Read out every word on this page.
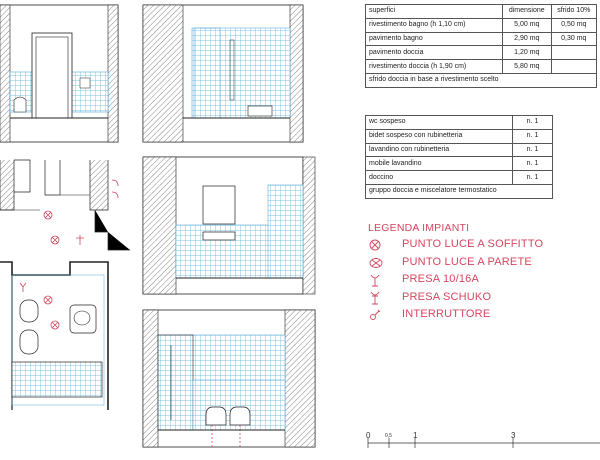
superfici	dimensione	sfrido 10%
rivestimento bagno (h 1,10 cm)	5,00 mq	0,50 mq
pavimento bagno	2,90 mq	0,30 mq
pavimento doccia	1,20 mq	
rivestimento doccia (h 1,90 cm)	5,80 mq	
sfrido doccia in base a rivestimento scelto		
wc sospeso	n. 1
bidet sospeso con rubinetteria	n. 1
lavandino con rubinetteria	n. 1
mobile lavandino	n. 1
doccino	n. 1
gruppo doccia e miscelatore termostatico	
LEGENDA IMPIANTI
PUNTO LUCE A SOFFITTO
PUNTO LUCE A PARETE
PRESA 10/16A
PRESA SCHUKO
INTERRUTTORE
0	0,5	1	3
